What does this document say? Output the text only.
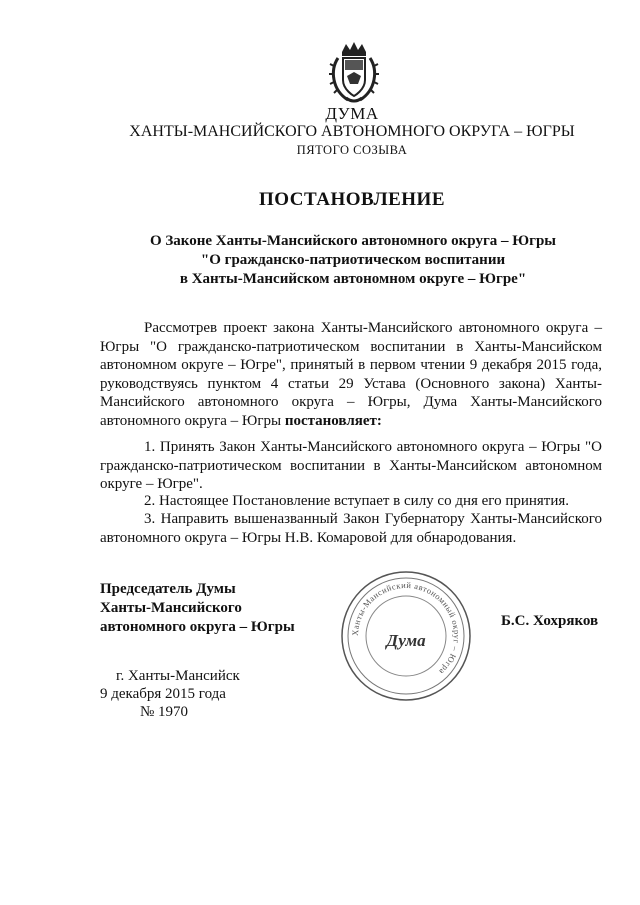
ДУМА
ХАНТЫ-МАНСИЙСКОГО АВТОНОМНОГО ОКРУГА – ЮГРЫ
ПЯТОГО СОЗЫВА
ПОСТАНОВЛЕНИЕ
О Законе Ханты-Мансийского автономного округа – Югры
"О гражданско-патриотическом воспитании
в Ханты-Мансийском автономном округе – Югре"
Рассмотрев проект закона Ханты-Мансийского автономного округа – Югры "О гражданско-патриотическом воспитании в Ханты-Мансийском автономном округе – Югре", принятый в первом чтении 9 декабря 2015 года, руководствуясь пунктом 4 статьи 29 Устава (Основного закона) Ханты-Мансийского автономного округа – Югры, Дума Ханты-Мансийского автономного округа – Югры постановляет:
1. Принять Закон Ханты-Мансийского автономного округа – Югры "О гражданско-патриотическом воспитании в Ханты-Мансийском автономном округе – Югре".
2. Настоящее Постановление вступает в силу со дня его принятия.
3. Направить вышеназванный Закон Губернатору Ханты-Мансийского автономного округа – Югры Н.В. Комаровой для обнародования.
Председатель Думы
Ханты-Мансийского
автономного округа – Югры	Ханты-Мансийский автономный округ – Югра
Дума
Б.С. Хохряков
г. Ханты-Мансийск
9 декабря 2015 года
№ 1970
